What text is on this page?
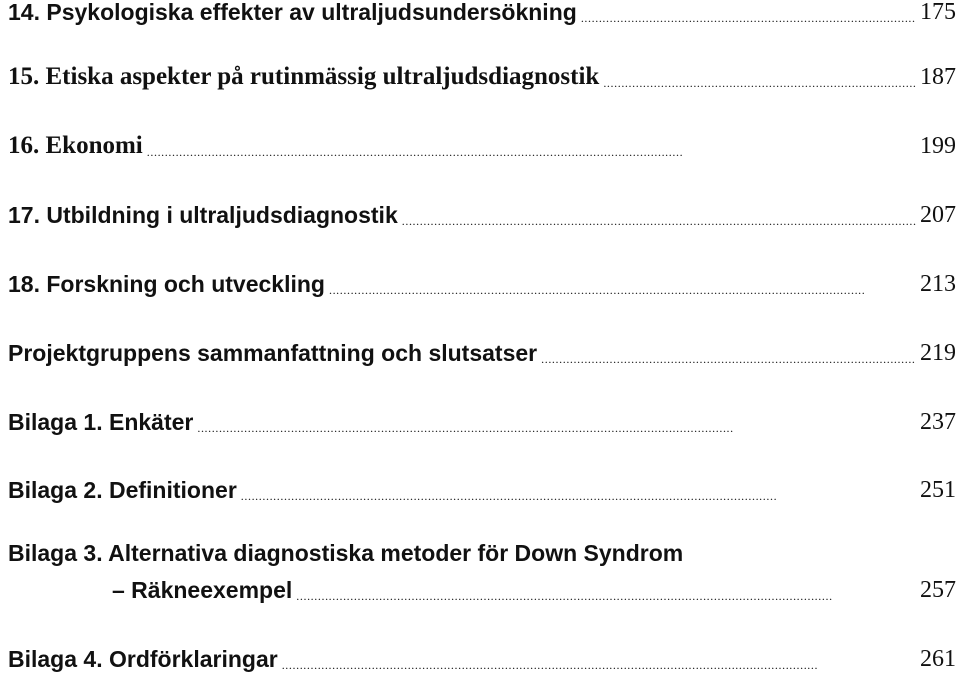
14. Psykologiska effekter av ultraljudsundersökning . . .	175
15. Etiska aspekter på rutinmässig ultraljudsdiagnostik . . .	187
16. Ekonomi . . .	199
17. Utbildning i ultraljudsdiagnostik . . .	207
18. Forskning och utveckling . . .	213
Projektgruppens sammanfattning och slutsatser . . .	219
Bilaga 1. Enkäter . . .	237
Bilaga 2. Definitioner . . .	251
Bilaga 3. Alternativa diagnostiska metoder för Down Syndrom
– Räkneexempel . . .	257
Bilaga 4. Ordförklaringar . . .	261
